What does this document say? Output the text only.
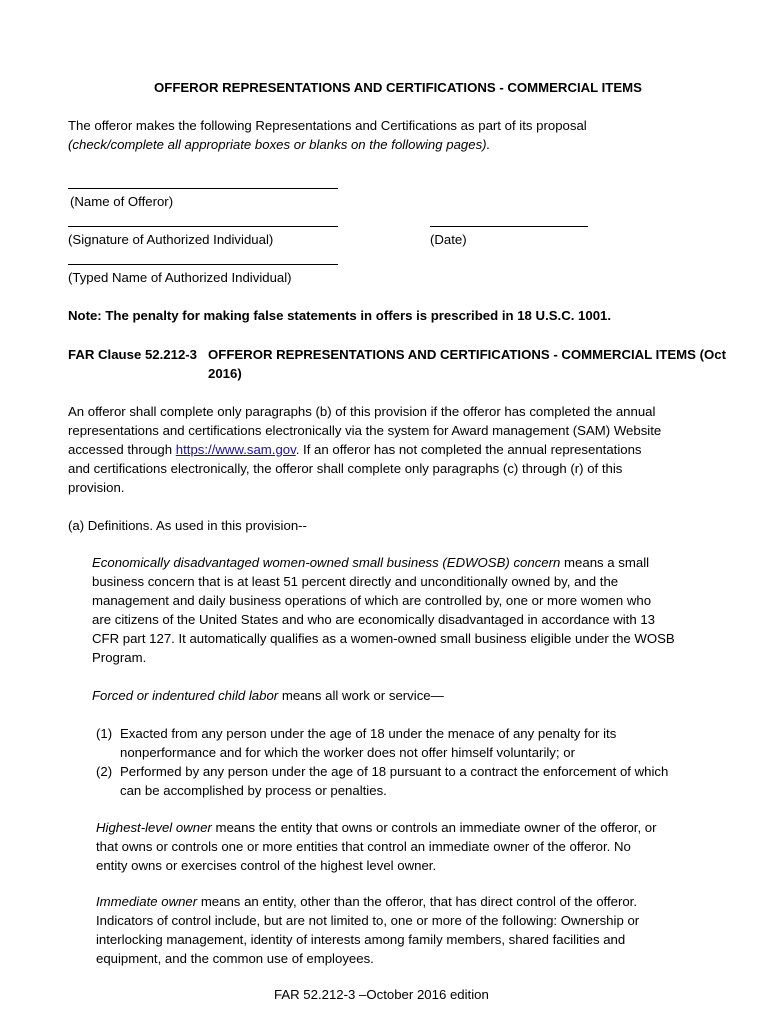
OFFEROR REPRESENTATIONS AND CERTIFICATIONS - COMMERCIAL ITEMS
The offeror makes the following Representations and Certifications as part of its proposal
(check/complete all appropriate boxes or blanks on the following pages).
(Name of Offeror)
(Signature of Authorized Individual)	(Date)
(Typed Name of Authorized Individual)
Note: The penalty for making false statements in offers is prescribed in 18 U.S.C. 1001.
FAR Clause 52.212-3 OFFEROR REPRESENTATIONS AND CERTIFICATIONS - COMMERCIAL ITEMS (Oct
2016)
An offeror shall complete only paragraphs (b) of this provision if the offeror has completed the annual
representations and certifications electronically via the system for Award management (SAM) Website
accessed through https://www.sam.gov. If an offeror has not completed the annual representations
and certifications electronically, the offeror shall complete only paragraphs (c) through (r) of this
provision.
(a) Definitions. As used in this provision--
Economically disadvantaged women-owned small business (EDWOSB) concern means a small
business concern that is at least 51 percent directly and unconditionally owned by, and the
management and daily business operations of which are controlled by, one or more women who
are citizens of the United States and who are economically disadvantaged in accordance with 13
CFR part 127. It automatically qualifies as a women-owned small business eligible under the WOSB
Program.
Forced or indentured child labor means all work or service—
(1) Exacted from any person under the age of 18 under the menace of any penalty for its
nonperformance and for which the worker does not offer himself voluntarily; or
(2) Performed by any person under the age of 18 pursuant to a contract the enforcement of which
can be accomplished by process or penalties.
Highest-level owner means the entity that owns or controls an immediate owner of the offeror, or
that owns or controls one or more entities that control an immediate owner of the offeror. No
entity owns or exercises control of the highest level owner.
Immediate owner means an entity, other than the offeror, that has direct control of the offeror.
Indicators of control include, but are not limited to, one or more of the following: Ownership or
interlocking management, identity of interests among family members, shared facilities and
equipment, and the common use of employees.
FAR 52.212-3 –October 2016 edition
